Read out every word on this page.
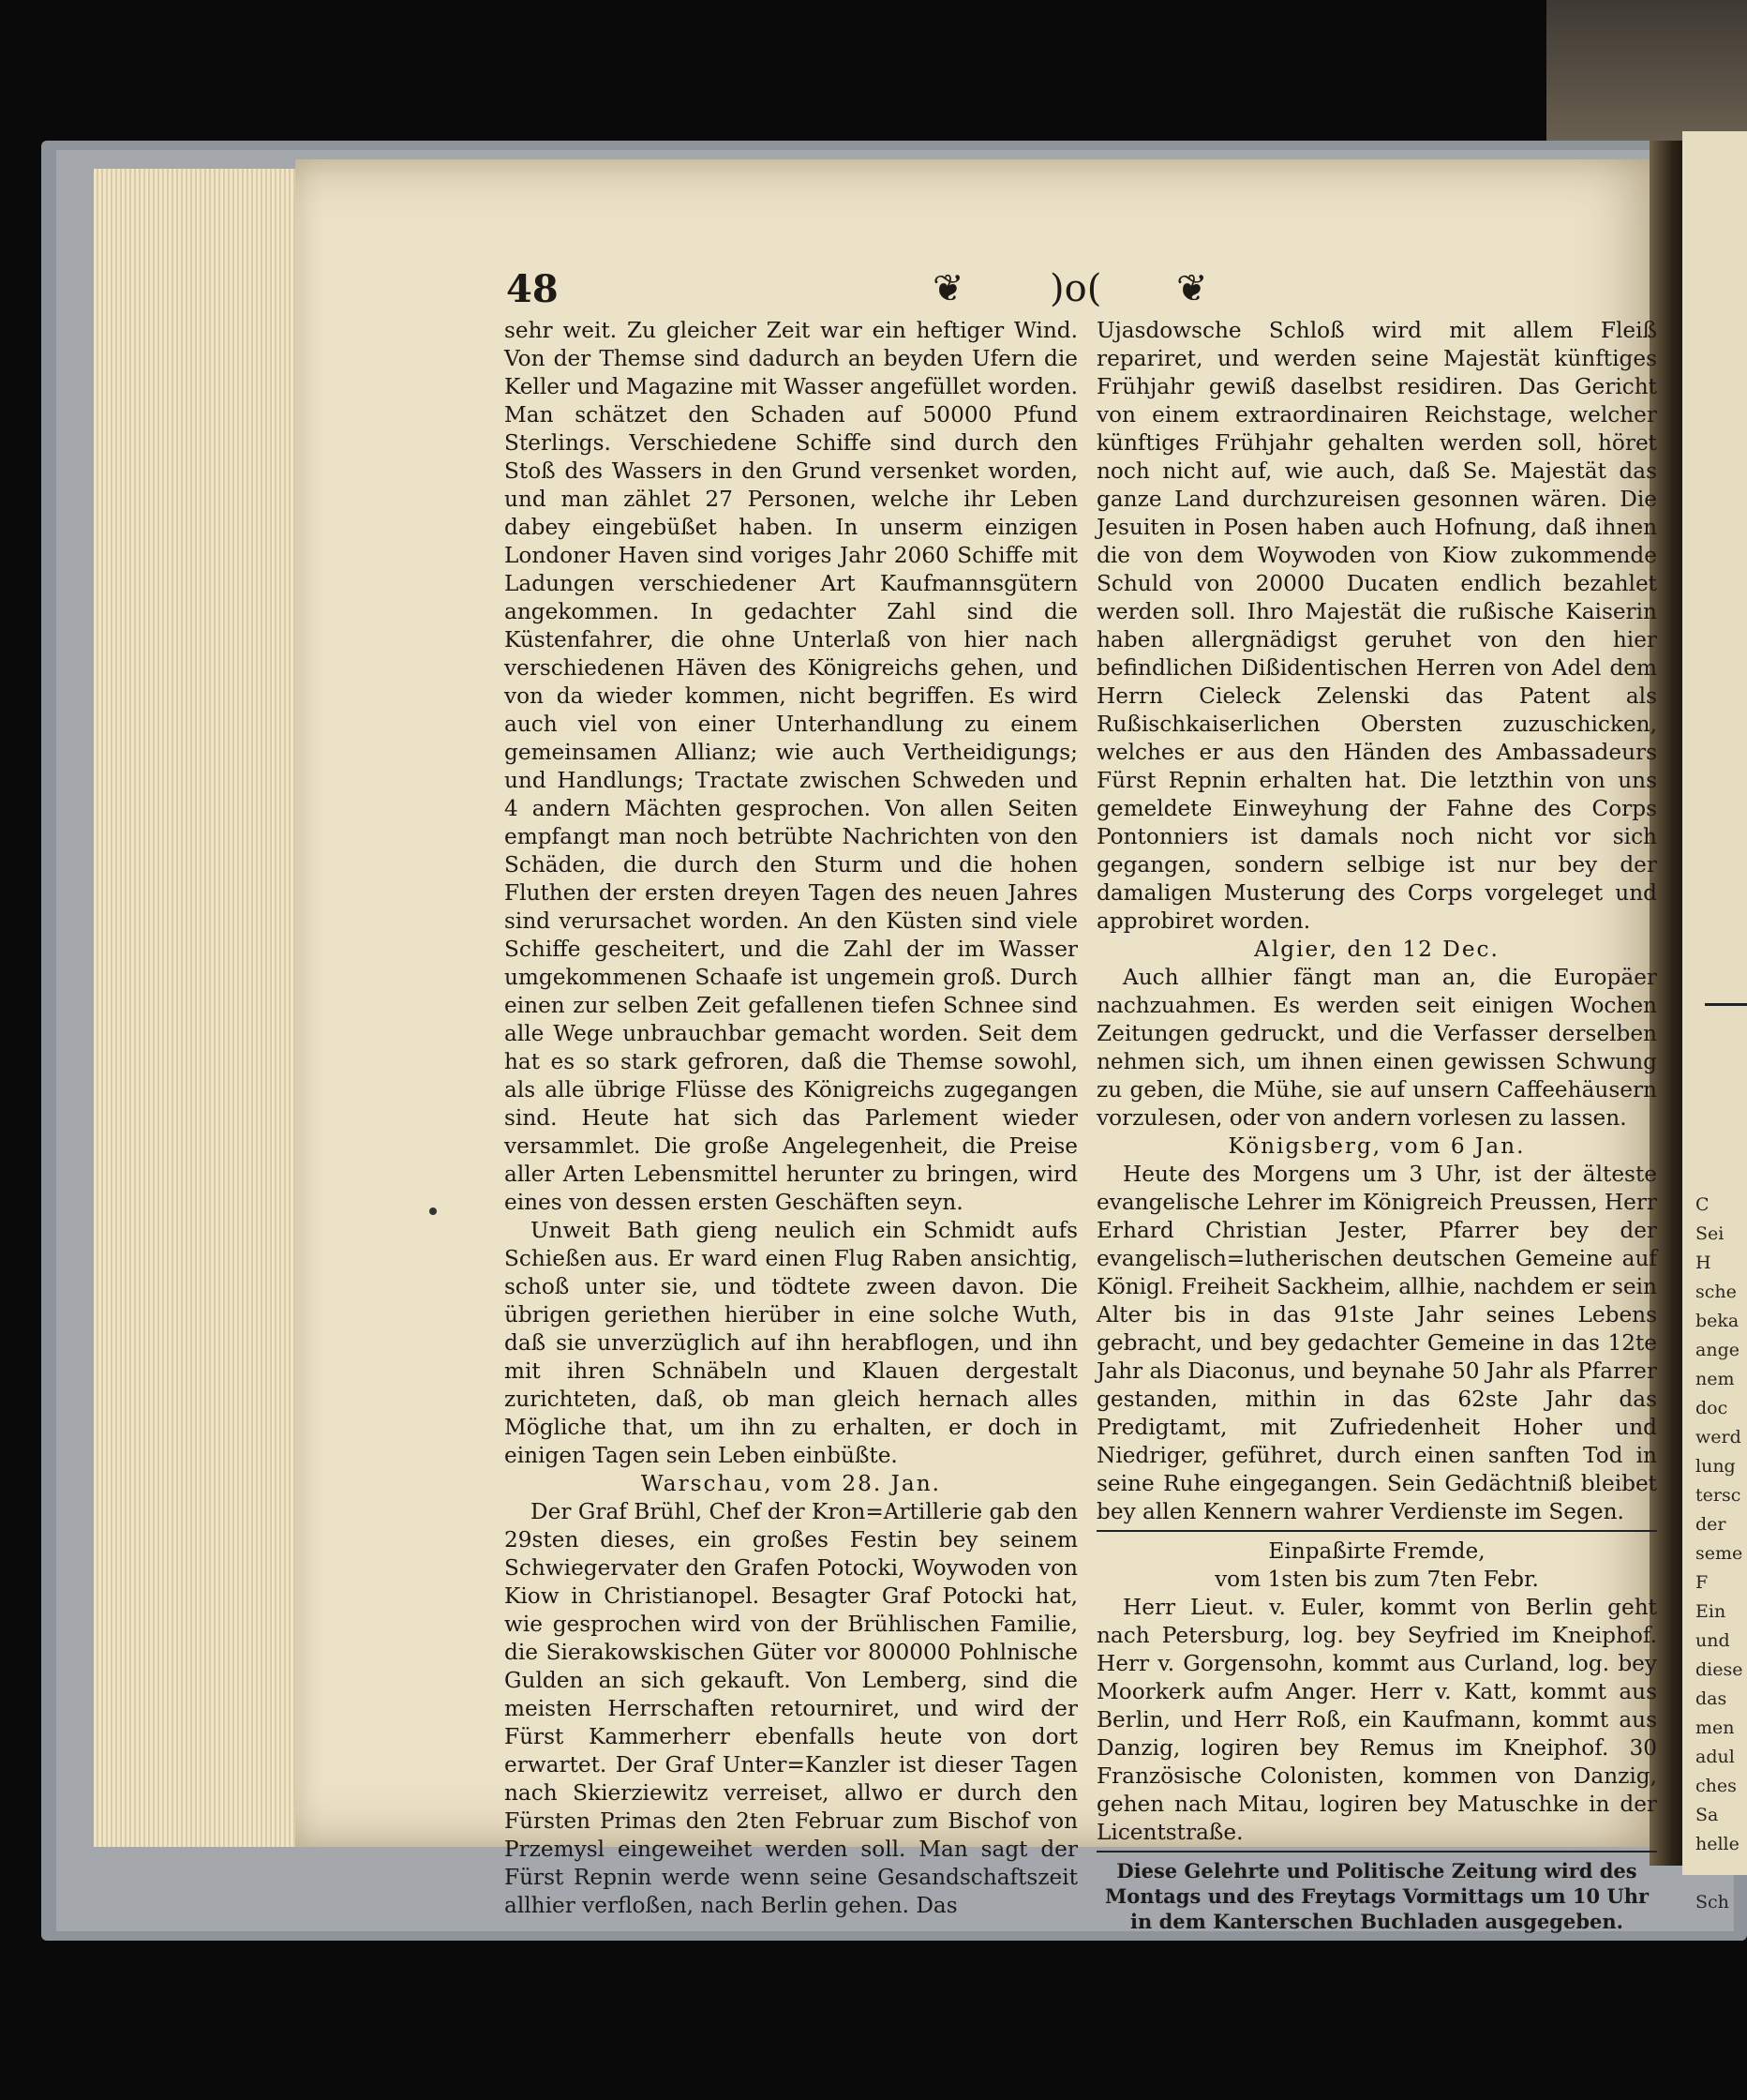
C
Sei
H
sche
beka
ange
nem
doc
werd
lung
tersc
der
seme
F
Ein
und
diese
das
men
adul
ches
Sa
helle

Sch
48	❦ )o( ❦

sehr weit. Zu gleicher Zeit war ein heftiger Wind. Von der Themse sind dadurch an beyden Ufern die Keller und Magazine mit Wasser angefüllet worden. Man schätzet den Schaden auf 50000 Pfund Sterlings. Verschiedene Schiffe sind durch den Stoß des Wassers in den Grund versenket worden, und man zählet 27 Personen, welche ihr Leben dabey eingebüßet haben. In unserm einzigen Londoner Haven sind voriges Jahr 2060 Schiffe mit Ladungen verschiedener Art Kaufmannsgütern angekommen. In gedachter Zahl sind die Küstenfahrer, die ohne Unterlaß von hier nach verschiedenen Häven des Königreichs gehen, und von da wieder kommen, nicht begriffen. Es wird auch viel von einer Unterhandlung zu einem gemeinsamen Allianz; wie auch Vertheidigungs; und Handlungs; Tractate zwischen Schweden und 4 andern Mächten gesprochen. Von allen Seiten empfangt man noch betrübte Nachrichten von den Schäden, die durch den Sturm und die hohen Fluthen der ersten dreyen Tagen des neuen Jahres sind verursachet worden. An den Küsten sind viele Schiffe gescheitert, und die Zahl der im Wasser umgekommenen Schaafe ist ungemein groß. Durch einen zur selben Zeit gefallenen tiefen Schnee sind alle Wege unbrauchbar gemacht worden. Seit dem hat es so stark gefroren, daß die Themse sowohl, als alle übrige Flüsse des Königreichs zugegangen sind. Heute hat sich das Parlement wieder versammlet. Die große Angelegenheit, die Preise aller Arten Lebensmittel herunter zu bringen, wird eines von dessen ersten Geschäften seyn.

Unweit Bath gieng neulich ein Schmidt aufs Schießen aus. Er ward einen Flug Raben ansichtig, schoß unter sie, und tödtete zween davon. Die übrigen geriethen hierüber in eine solche Wuth, daß sie unverzüglich auf ihn herabflogen, und ihn mit ihren Schnäbeln und Klauen dergestalt zurichteten, daß, ob man gleich hernach alles Mögliche that, um ihn zu erhalten, er doch in einigen Tagen sein Leben einbüßte.

Warschau, vom 28. Jan.

Der Graf Brühl, Chef der Kron=Artillerie gab den 29sten dieses, ein großes Festin bey seinem Schwiegervater den Grafen Potocki, Woywoden von Kiow in Christianopel. Besagter Graf Potocki hat, wie gesprochen wird von der Brühlischen Familie, die Sierakowskischen Güter vor 800000 Pohlnische Gulden an sich gekauft. Von Lemberg, sind die meisten Herrschaften retourniret, und wird der Fürst Kammerherr ebenfalls heute von dort erwartet. Der Graf Unter=Kanzler ist dieser Tagen nach Skierziewitz verreiset, allwo er durch den Fürsten Primas den 2ten Februar zum Bischof von Przemysl eingeweihet werden soll. Man sagt der Fürst Repnin werde wenn seine Gesandschaftszeit allhier verfloßen, nach Berlin gehen. Das

Ujasdowsche Schloß wird mit allem Fleiß repariret, und werden seine Majestät künftiges Frühjahr gewiß daselbst residiren. Das Gericht von einem extraordinairen Reichstage, welcher künftiges Frühjahr gehalten werden soll, höret noch nicht auf, wie auch, daß Se. Majestät das ganze Land durchzureisen gesonnen wären. Die Jesuiten in Posen haben auch Hofnung, daß ihnen die von dem Woywoden von Kiow zukommende Schuld von 20000 Ducaten endlich bezahlet werden soll. Ihro Majestät die rußische Kaiserin haben allergnädigst geruhet von den hier befindlichen Dißidentischen Herren von Adel dem Herrn Cieleck Zelenski das Patent als Rußischkaiserlichen Obersten zuzuschicken, welches er aus den Händen des Ambassadeurs Fürst Repnin erhalten hat. Die letzthin von uns gemeldete Einweyhung der Fahne des Corps Pontonniers ist damals noch nicht vor sich gegangen, sondern selbige ist nur bey der damaligen Musterung des Corps vorgeleget und approbiret worden.

Algier, den 12 Dec.

Auch allhier fängt man an, die Europäer nachzuahmen. Es werden seit einigen Wochen Zeitungen gedruckt, und die Verfasser derselben nehmen sich, um ihnen einen gewissen Schwung zu geben, die Mühe, sie auf unsern Caffeehäusern vorzulesen, oder von andern vorlesen zu lassen.

Königsberg, vom 6 Jan.

Heute des Morgens um 3 Uhr, ist der älteste evangelische Lehrer im Königreich Preussen, Herr Erhard Christian Jester, Pfarrer bey der evangelisch=lutherischen deutschen Gemeine auf Königl. Freiheit Sackheim, allhie, nachdem er sein Alter bis in das 91ste Jahr seines Lebens gebracht, und bey gedachter Gemeine in das 12te Jahr als Diaconus, und beynahe 50 Jahr als Pfarrer gestanden, mithin in das 62ste Jahr das Predigtamt, mit Zufriedenheit Hoher und Niedriger, geführet, durch einen sanften Tod in seine Ruhe eingegangen. Sein Gedächtniß bleibet bey allen Kennern wahrer Verdienste im Segen.

Einpaßirte Fremde,

vom 1sten bis zum 7ten Febr.

Herr Lieut. v. Euler, kommt von Berlin geht nach Petersburg, log. bey Seyfried im Kneiphof. Herr v. Gorgensohn, kommt aus Curland, log. bey Moorkerk aufm Anger. Herr v. Katt, kommt aus Berlin, und Herr Roß, ein Kaufmann, kommt aus Danzig, logiren bey Remus im Kneiphof. 30 Französische Colonisten, kommen von Danzig, gehen nach Mitau, logiren bey Matuschke in der Licentstraße.

Diese Gelehrte und Politische Zeitung wird des Montags und des Freytags Vormittags um 10 Uhr in dem Kanterschen Buchladen ausgegeben.
